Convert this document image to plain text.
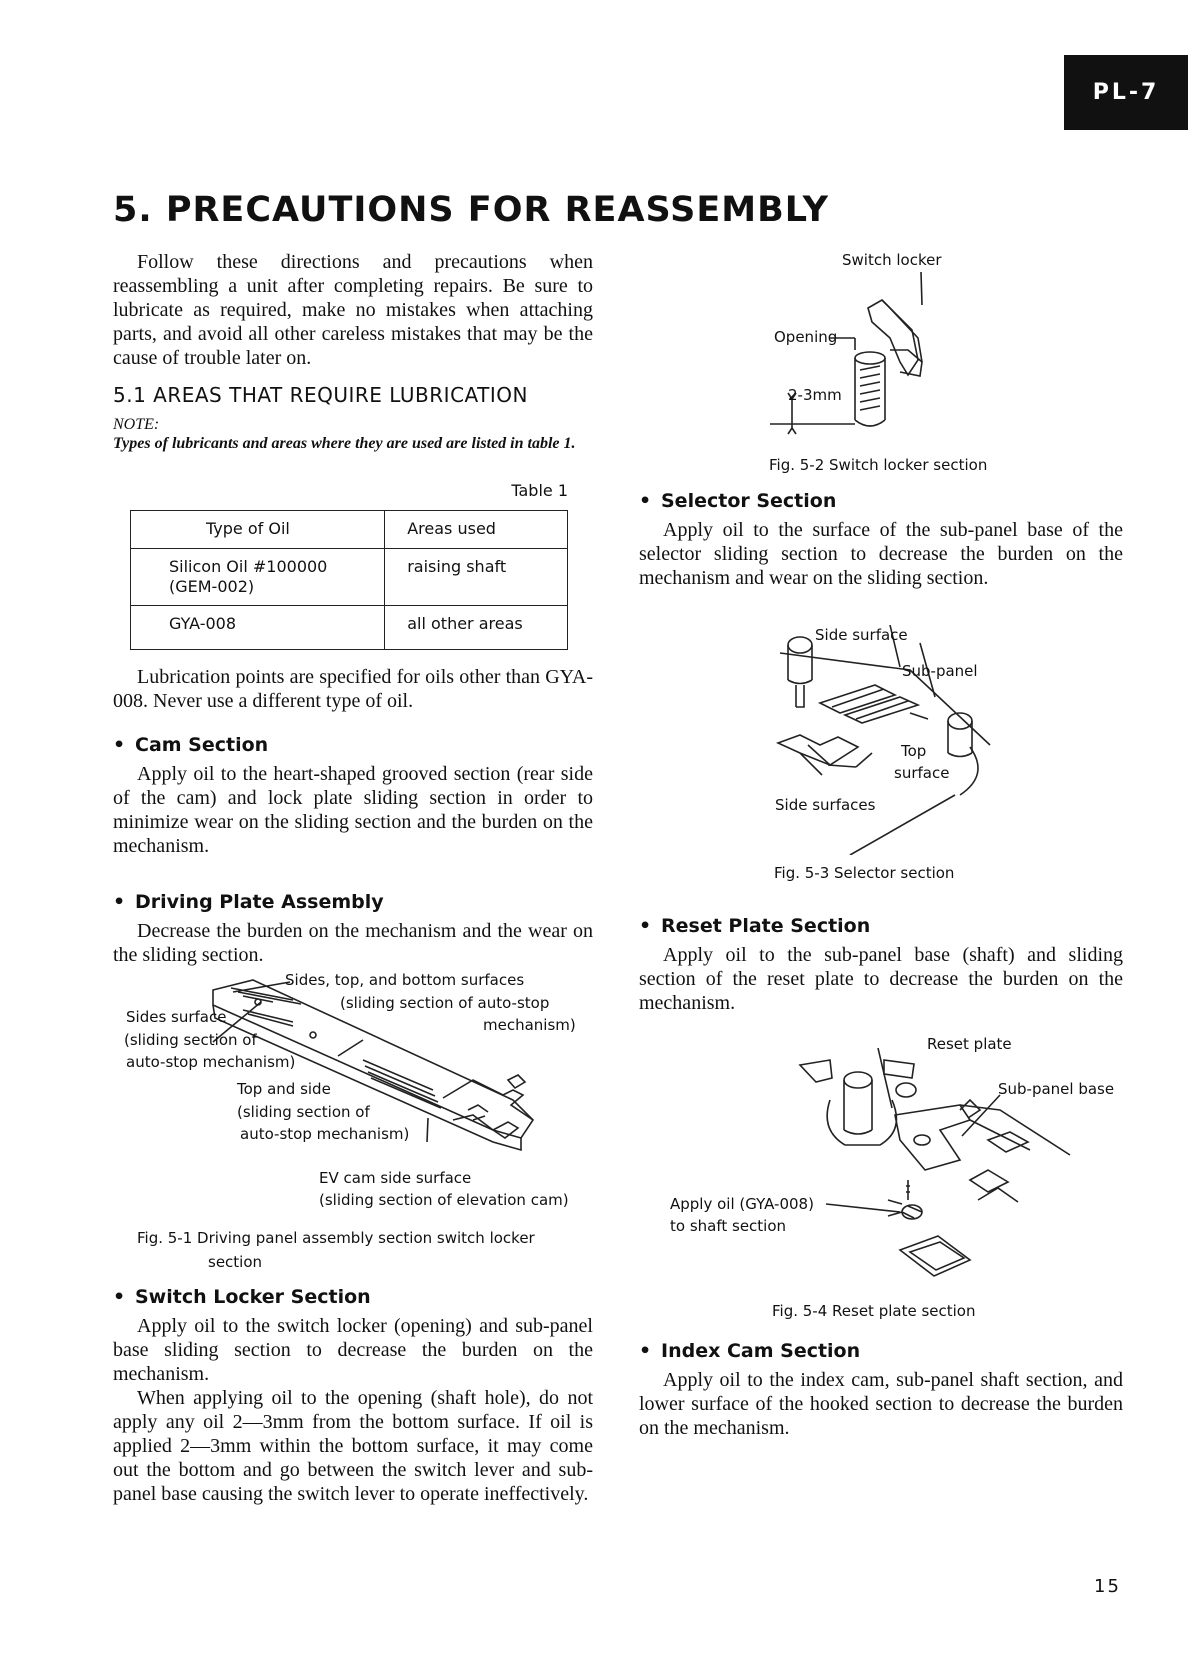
PL-7
5. PRECAUTIONS FOR REASSEMBLY

Follow these directions and precautions when reassembling a unit after completing repairs. Be sure to lubricate as required, make no mistakes when attaching parts, and avoid all other careless mistakes that may be the cause of trouble later on.

5.1 AREAS THAT REQUIRE LUBRICATION
NOTE:
Types of lubricants and areas where they are used are listed in table 1.
Table 1
Type of Oil	Areas used
Silicon Oil #100000
(GEM-002)	raising shaft
GYA-008	all other areas

Lubrication points are specified for oils other than GYA-008. Never use a different type of oil.

• Cam Section

Apply oil to the heart-shaped grooved section (rear side of the cam) and lock plate sliding section in order to minimize wear on the sliding section and the burden on the mechanism.

• Driving Plate Assembly

Decrease the burden on the mechanism and the wear on the sliding section.

Sides, top, and bottom surfaces
(sliding section of auto-stop
mechanism)
Sides surface
(sliding section of
auto-stop mechanism)
Top and side
(sliding section of
auto-stop mechanism)
EV cam side surface
(sliding section of elevation cam)
Fig. 5-1 Driving panel assembly section switch locker
section
• Switch Locker Section

Apply oil to the switch locker (opening) and sub-panel base sliding section to decrease the burden on the mechanism.

When applying oil to the opening (shaft hole), do not apply any oil 2—3mm from the bottom surface. If oil is applied 2—3mm within the bottom surface, it may come out the bottom and go between the switch lever and sub-panel base causing the switch lever to operate ineffectively.

Switch locker
Opening
2-3mm
Fig. 5-2 Switch locker section
• Selector Section

Apply oil to the surface of the sub-panel base of the selector sliding section to decrease the burden on the mechanism and wear on the sliding section.

Side surface
Sub-panel
Top
surface
Side surfaces
Fig. 5-3 Selector section
• Reset Plate Section

Apply oil to the sub-panel base (shaft) and sliding section of the reset plate to decrease the burden on the mechanism.

Reset plate
Sub-panel base
Apply oil (GYA-008)
to shaft section
Fig. 5-4 Reset plate section
• Index Cam Section

Apply oil to the index cam, sub-panel shaft section, and lower surface of the hooked section to decrease the burden on the mechanism.

15
